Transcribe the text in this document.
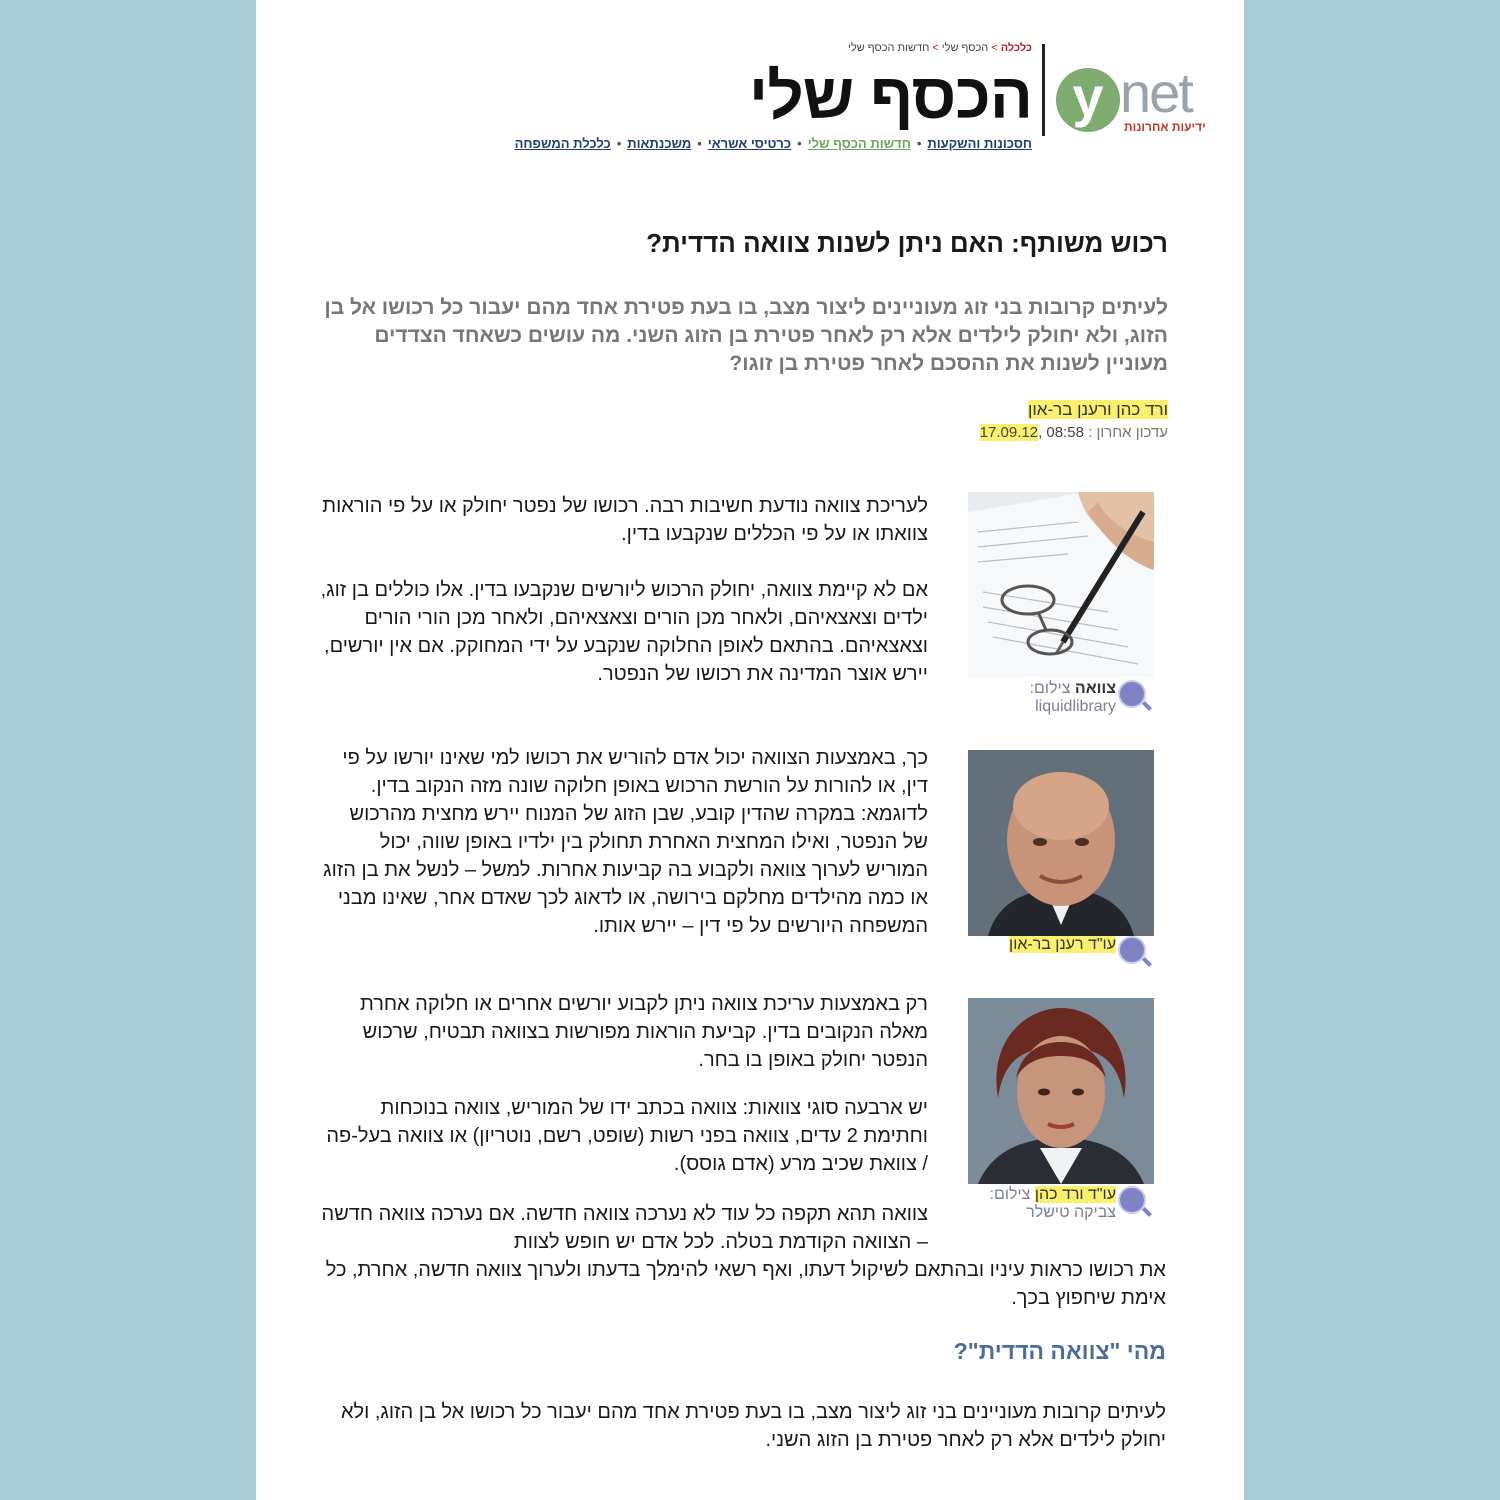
כלכלה>הכסף שלי>חדשות הכסף שלי
הכסף שלי y net
ידיעות אחרונות
חסכונות והשקעות•חדשות הכסף שלי•כרטיסי אשראי•משכנתאות•כלכלת המשפחה
רכוש משותף: האם ניתן לשנות צוואה הדדית?
לעיתים קרובות בני זוג מעוניינים ליצור מצב, בו בעת פטירת אחד מהם יעבור כל רכושו אל בן הזוג, ולא יחולק לילדים אלא רק לאחר פטירת בן הזוג השני. מה עושים כשאחד הצדדים מעוניין לשנות את ההסכם לאחר פטירת בן זוגו?
ורד כהן ורענן בר-און
עדכון אחרון : 08:58 ,17.09.12
צוואה צילום:
liquidlibrary
עו"ד רענן בר-און
עו"ד ורד כהן צילום:
צביקה טישלר
לעריכת צוואה נודעת חשיבות רבה. רכושו של נפטר יחולק או על פי הוראות צוואתו או על פי הכללים שנקבעו בדין.
אם לא קיימת צוואה, יחולק הרכוש ליורשים שנקבעו בדין. אלו כוללים בן זוג, ילדים וצאצאיהם, ולאחר מכן הורים וצאצאיהם, ולאחר מכן הורי הורים וצאצאיהם. בהתאם לאופן החלוקה שנקבע על ידי המחוקק. אם אין יורשים, יירש אוצר המדינה את רכושו של הנפטר.
כך, באמצעות הצוואה יכול אדם להוריש את רכושו למי שאינו יורשו על פי דין, או להורות על הורשת הרכוש באופן חלוקה שונה מזה הנקוב בדין. לדוגמא: במקרה שהדין קובע, שבן הזוג של המנוח יירש מחצית מהרכוש של הנפטר, ואילו המחצית האחרת תחולק בין ילדיו באופן שווה, יכול המוריש לערוך צוואה ולקבוע בה קביעות אחרות. למשל – לנשל את בן הזוג או כמה מהילדים מחלקם בירושה, או לדאוג לכך שאדם אחר, שאינו מבני המשפחה היורשים על פי דין – יירש אותו.
רק באמצעות עריכת צוואה ניתן לקבוע יורשים אחרים או חלוקה אחרת מאלה הנקובים בדין. קביעת הוראות מפורשות בצוואה תבטיח, שרכוש הנפטר יחולק באופן בו בחר.
יש ארבעה סוגי צוואות: צוואה בכתב ידו של המוריש, צוואה בנוכחות וחתימת 2 עדים, צוואה בפני רשות (שופט, רשם, נוטריון) או צוואה בעל-פה / צוואת שכיב מרע (אדם גוסס).
צוואה תהא תקפה כל עוד לא נערכה צוואה חדשה. אם נערכה צוואה חדשה – הצוואה הקודמת בטלה. לכל אדם יש חופש לצוות
את רכושו כראות עיניו ובהתאם לשיקול דעתו, ואף רשאי להימלך בדעתו ולערוך צוואה חדשה, אחרת, כל אימת שיחפוץ בכך.
מהי "צוואה הדדית"?
לעיתים קרובות מעוניינים בני זוג ליצור מצב, בו בעת פטירת אחד מהם יעבור כל רכושו אל בן הזוג, ולא יחולק לילדים אלא רק לאחר פטירת בן הזוג השני.
